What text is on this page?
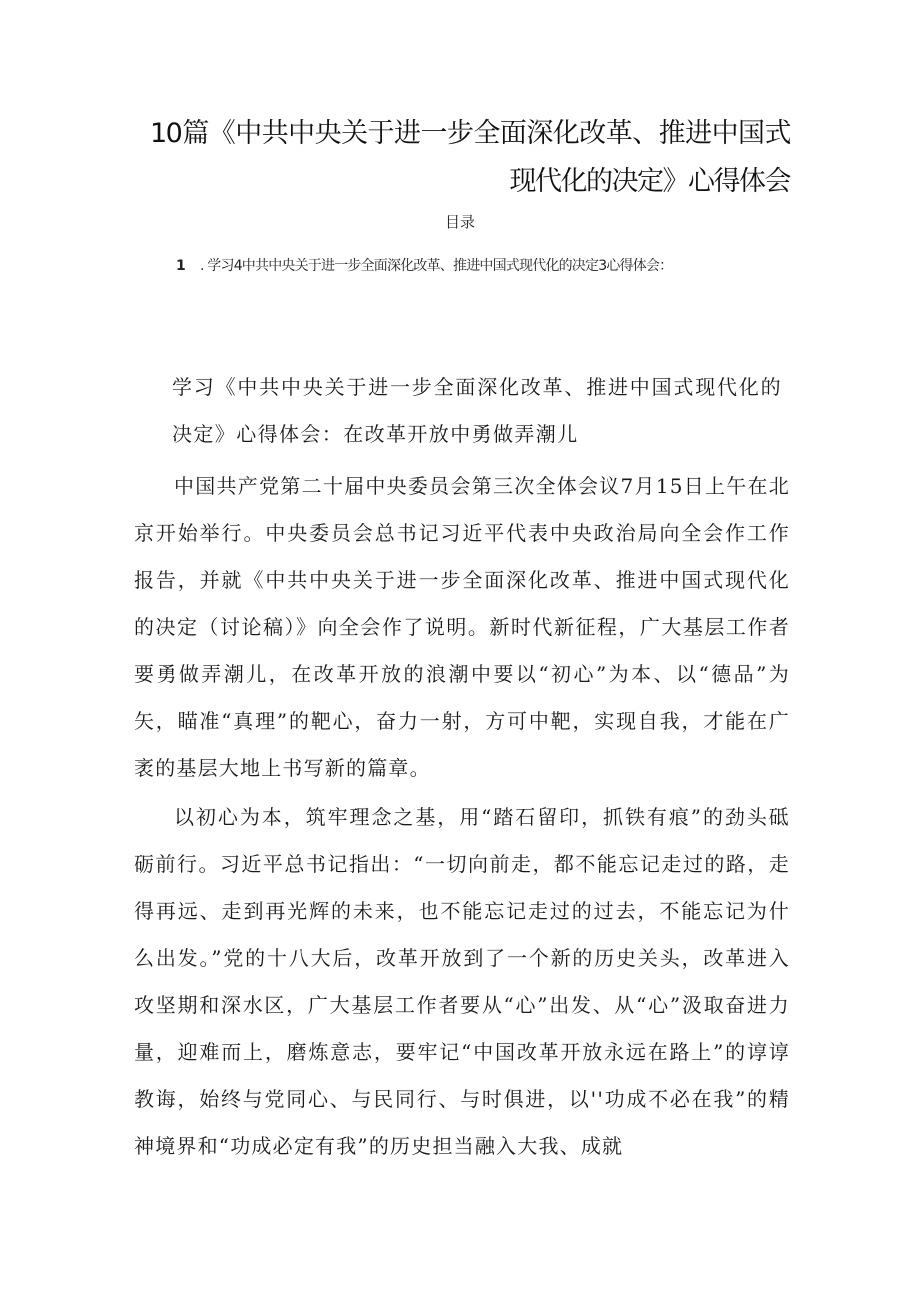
10篇《中共中央关于进一步全面深化改革、推进中国式现代化的决定》心得体会
目录
1 . 学习4中共中央关于进一步全面深化改革、推进中国式现代化的决定3心得体会：
学习《中共中央关于进一步全面深化改革、推进中国式现代化的决定》心得体会：在改革开放中勇做弄潮儿

中国共产党第二十届中央委员会第三次全体会议7月15日上午在北京开始举行。中央委员会总书记习近平代表中央政治局向全会作工作报告，并就《中共中央关于进一步全面深化改革、推进中国式现代化的决定（讨论稿）》向全会作了说明。新时代新征程，广大基层工作者要勇做弄潮儿，在改革开放的浪潮中要以“初心”为本、以“德品”为矢，瞄准“真理”的靶心，奋力一射，方可中靶，实现自我，才能在广袤的基层大地上书写新的篇章。

以初心为本，筑牢理念之基，用“踏石留印，抓铁有痕”的劲头砥砺前行。习近平总书记指出：“一切向前走，都不能忘记走过的路，走得再远、走到再光辉的未来，也不能忘记走过的过去，不能忘记为什么出发。”党的十八大后，改革开放到了一个新的历史关头，改革进入攻坚期和深水区，广大基层工作者要从“心”出发、从“心”汲取奋进力量，迎难而上，磨炼意志，要牢记“中国改革开放永远在路上”的谆谆教诲，始终与党同心、与民同行、与时俱进，以''功成不必在我”的精神境界和“功成必定有我”的历史担当融入大我、成就
